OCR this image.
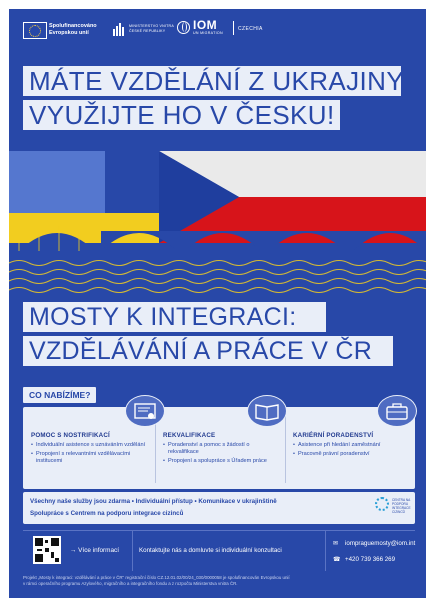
Spolufinancováno
Evropskou unií
MINISTERSTVO VNITRA
ČESKÉ REPUBLIKY	IOM
UN MIGRATION
CZECHIA
MÁTE VZDĚLÁNÍ Z UKRAJINY?
VYUŽIJTE HO V ČESKU!
MOSTY K INTEGRACI:
VZDĚLÁVÁNÍ A PRÁCE V ČR
CO NABÍZÍME?
POMOC S NOSTRIFIKACÍ
• Individuální asistence s uznáváním vzdělání
• Propojení s relevantními vzdělávacími institucemi
REKVALIFIKACE
• Poradenství a pomoc s žádostí o rekvalifikace
• Propojení a spolupráce s Úřadem práce
KARIÉRNÍ PORADENSTVÍ
• Asistence při hledání zaměstnání
• Pracovně právní poradenství
Všechny naše služby jsou zdarma • Individuální přístup • Komunikace v ukrajinštině
Spolupráce s Centrem na podporu integrace cizinců
CENTRA NA
PODPORU
INTEGRACE
CIZINCŮ
→ Více informací	Kontaktujte nás a domluvte si individuální konzultaci
✉ iompraguemosty@iom.int
☎ +420 739 366 269
Projekt „Mosty k integraci: vzdělávání a práce v ČR" registrační číslo CZ.12.01.02/00/24_030/0000058 je spolufinancován Evropskou unií
v rámci operačního programu Azylového, migračního a integračního fondu a z rozpočtu Ministerstva vnitra ČR.
